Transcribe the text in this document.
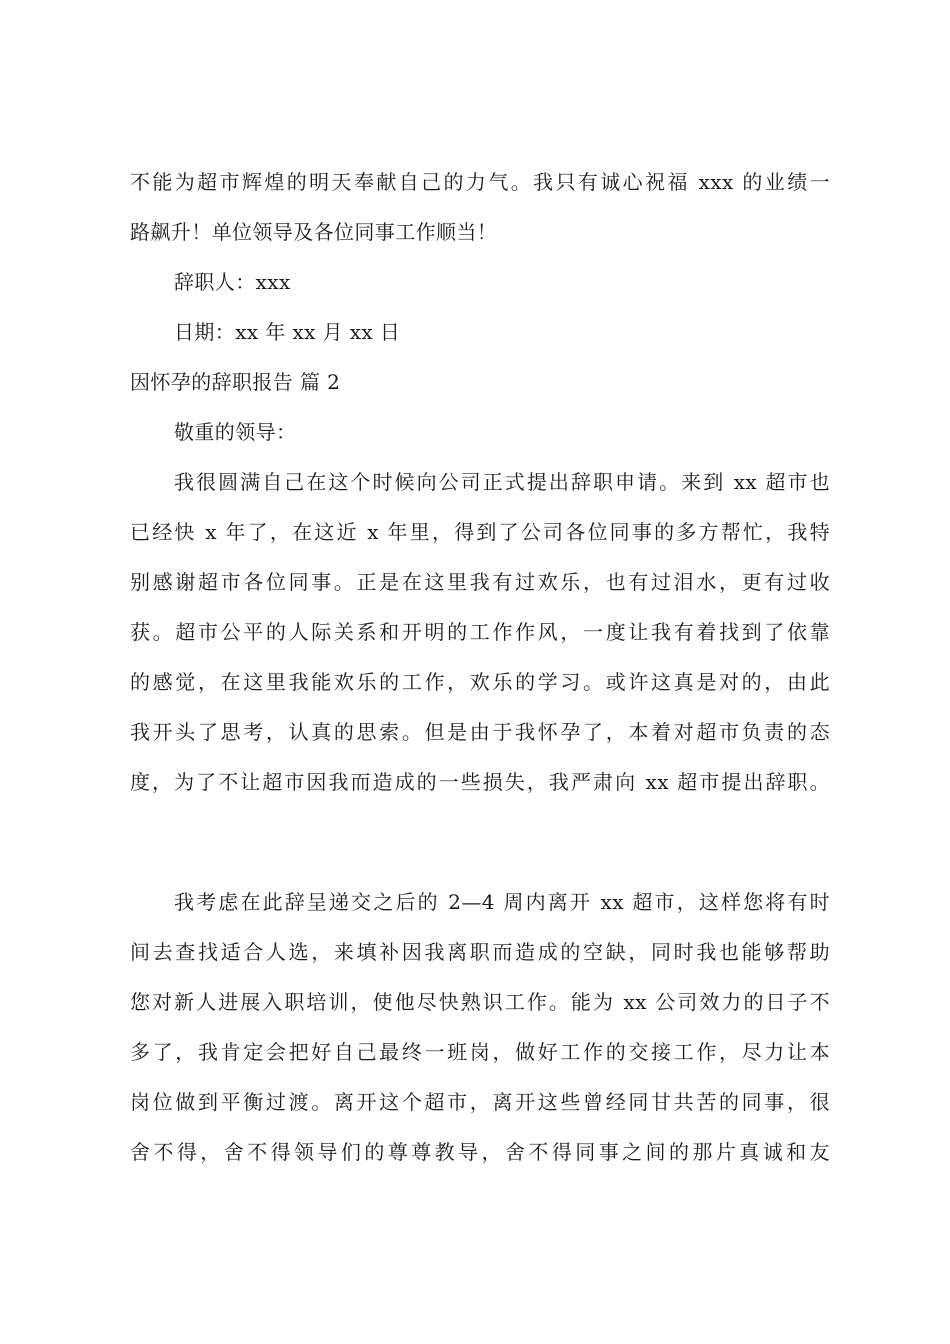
不能为超市辉煌的明天奉献自己的力气。我只有诚心祝福 xxx 的业绩一
路飙升！单位领导及各位同事工作顺当！
辞职人：xxx
日期：xx 年 xx 月 xx 日
因怀孕的辞职报告 篇 2
敬重的领导：
我很圆满自己在这个时候向公司正式提出辞职申请。来到 xx 超市也
已经快 x 年了，在这近 x 年里，得到了公司各位同事的多方帮忙，我特
别感谢超市各位同事。正是在这里我有过欢乐，也有过泪水，更有过收
获。超市公平的人际关系和开明的工作作风，一度让我有着找到了依靠
的感觉，在这里我能欢乐的工作，欢乐的学习。或许这真是对的，由此
我开头了思考，认真的思索。但是由于我怀孕了，本着对超市负责的态
度，为了不让超市因我而造成的一些损失，我严肃向 xx 超市提出辞职。
我考虑在此辞呈递交之后的 2—4 周内离开 xx 超市，这样您将有时
间去查找适合人选，来填补因我离职而造成的空缺，同时我也能够帮助
您对新人进展入职培训，使他尽快熟识工作。能为 xx 公司效力的日子不
多了，我肯定会把好自己最终一班岗，做好工作的交接工作，尽力让本
岗位做到平衡过渡。离开这个超市，离开这些曾经同甘共苦的同事，很
舍不得，舍不得领导们的尊尊教导，舍不得同事之间的那片真诚和友
